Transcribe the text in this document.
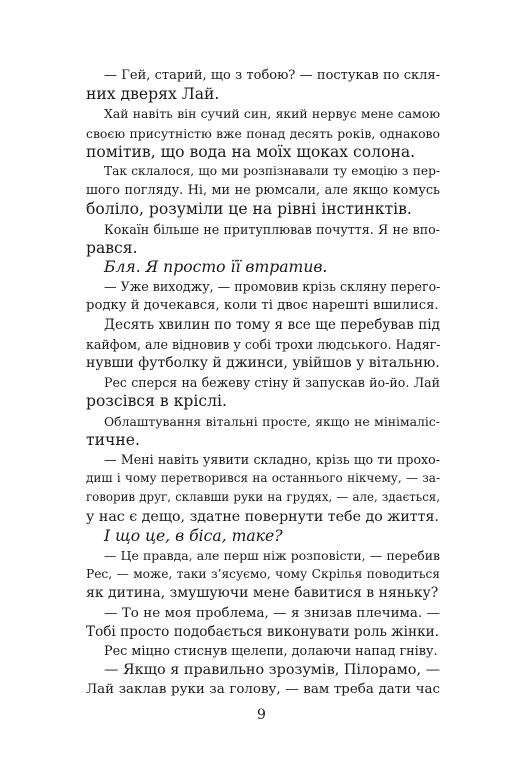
9
— Гей, старий, що з тобою? — постукав по скля-
них дверях Лай.
Хай навіть він сучий син, який нервує мене самою
своєю присутністю вже понад десять років, однаково
помітив, що вода на моїх щоках солона.
Так склалося, що ми розпізнавали ту емоцію з пер-
шого погляду. Ні, ми не рюмсали, але якщо комусь
боліло, розуміли це на рівні інстинктів.
Кокаїн більше не притуплював почуття. Я не впо-
рався.
Бля. Я просто її втратив.
— Уже виходжу, — промовив крізь скляну перего-
родку й дочекався, коли ті двоє нарешті вшилися.
Десять хвилин по тому я все ще перебував під
кайфом, але відновив у собі трохи людського. Надяг-
нувши футболку й джинси, увійшов у вітальню.
Рес сперся на бежеву стіну й запускав йо-йо. Лай
розсівся в кріслі.
Облаштування вітальні просте, якщо не мінімаліс-
тичне.
— Мені навіть уявити складно, крізь що ти прохо-
диш і чому перетворився на останнього нікчему, — за-
говорив друг, склавши руки на грудях, — але, здається,
у нас є дещо, здатне повернути тебе до життя.
І що це, в біса, таке?
— Це правда, але перш ніж розповісти, — перебив
Рес, — може, таки з’ясуємо, чому Скрілья поводиться
як дитина, змушуючи мене бавитися в няньку?
— То не моя проблема, — я знизав плечима. —
Тобі просто подобається виконувати роль жінки.
Рес міцно стиснув щелепи, долаючи напад гніву.
— Якщо я правильно зрозумів, Пілорамо, —
Лай заклав руки за голову, — вам треба дати час
